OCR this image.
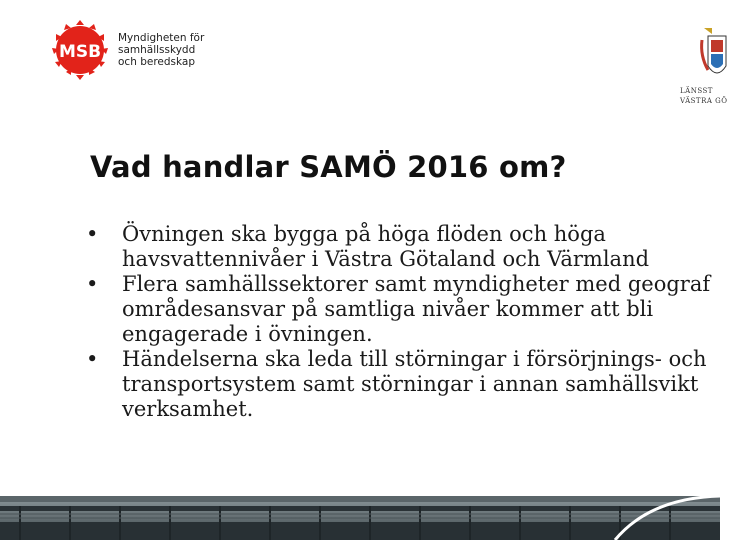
MSB
Myndigheten för
samhällsskydd
och beredskap
LÄNSST
VÄSTRA GÖ
Vad handlar SAMÖ 2016 om?
• Övningen ska bygga på höga flöden och höga
havsvattennivåer i Västra Götaland och Värmland
• Flera samhällssektorer samt myndigheter med geograf
områdesansvar på samtliga nivåer kommer att bli
engagerade i övningen.
• Händelserna ska leda till störningar i försörjnings- och
transportsystem samt störningar i annan samhällsvikt
verksamhet.
